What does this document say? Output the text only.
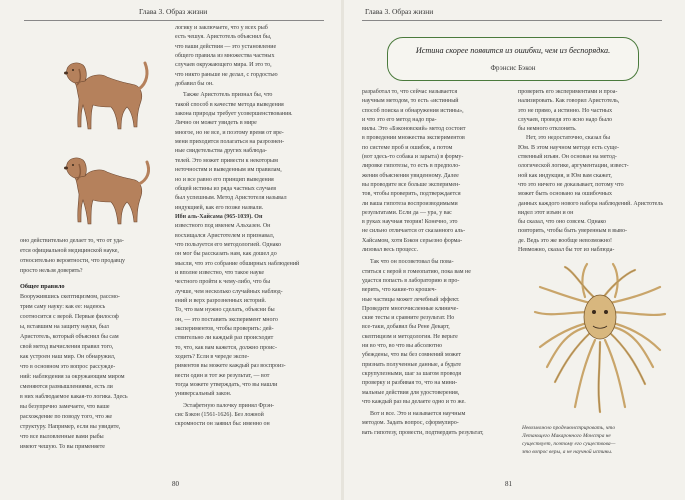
Глава 3. Образ жизни

оно действительно делает то, что от уда-

ется официальной медицинской науке,

относительно вероятности, что продавцу

просто нельзя доверять?

Общее правило

Вооружившись скептицизмом, рассмо-

трим саму науку: как ее: надеюсь

соотносится с верой. Первые философ

ы, вставшим на защиту науки, был

Аристотель, который объяснил бы сам

свой метод вычисления правил того,

как устроен наш мир. Он обнаружил,

что в основном это вопрос рассужде-

ний: наблюдения за окружающим миром

сменяются размышлениями, есть ли

в них наблюдаемое какая-то логика. Здесь

вы безупречно замечаете, что ваше

расхождение по поводу того, что же

структуру. Например, если вы увидите,

что все выловленные вами рыбы

имеют чешую. То вы применяете

логику и заключаете, что у всех рыб

есть чешуя. Аристотель объяснил бы,

что ваши действия — это установление

общего правила из множества частных

случаев окружающего мира. И это то,

что никто раньше не делал, с гордостью

добавил бы он.

Также Аристотель признал бы, что

такой способ в качестве метода выведения

закона природы требует усовершенствования.

Лично он может увидеть в мире

многое, но не все, и поэтому время от вре-

мени приходится полагаться на разрознен-

ные свидетельства других наблюда-

телей. Это может привести к некоторым

неточностям и выведенным им правилам,

но и все равно его принцип выведения

общей истины из ряда частных случаев

был успешным. Метод Аристотеля называл

индукцией, как его позже назвали.

Ибн аль-Хайсама (965-1039). Он

известного под именем Альхазен. Он

восхищался Аристотелем и признавал,

что пользуется его методологией. Однако

он мог бы рассказать нам, как дошел до

мысли, что это собрание обширных наблюдений

и вполне известно, что такое науке

честного пройти к чему-либо, что бы

лучше, чем несколько случайных наблюд-

ений и верх разрозненных историй.

То, что вам нужно сделать, объясни бы

он, — это поставить эксперимент много

экспериментов, чтобы проверить: дей-

ствительно ли каждый раз происходит

то, что, как вам кажется, должно проис-

ходить? Если в череде экспе-

риментов вы можете каждый раз воспроиз-

вести один и тот же результат, — вот

тогда можете утверждать, что вы нашли

универсальный закон.

Эстафетную палочку принял Фрэн-

сис Бэкон (1561-1626). Без ложной

скромности он заявил бы: именно он

80
Глава 3. Образ жизни
Истина скорее появится из ошибки, чем из беспорядка.
Фрэнсис Бэкон

разработал то, что сейчас называется

научным методом, то есть «истинный

способ поиска и обнаружения истины»,

и что это его метод надо пра-

вилы. Это «Бэконовский» метод состоит

в проведении множества экспериментов

по системе проб и ошибок, а потом

(вот здесь-то собака и зарыта) в форму-

лировке гипотезы, то есть в предполо-

жения объяснения увиденному. Далее

вы проводите все больше эксперимен-

тов, чтобы проверить, подтверждается

ли ваша гипотеза воспроизводимыми

результатами. Если да — ура, у вас

в руках научная теория! Конечно, это

не сильно отличается от сказанного аль-

Хайсамом, хотя Бэкон серьезно форма-

лизовал весь процесс.

Так что он посоветовал бы пова-

ститься с верой в гомеопатию, пока вам не

удастся попасть в лабораторию и про-

верить, что какие-то крошеч-

ные частицы может лечебный эффект.

Проведите многочисленные клиниче-

ские тесты и сравните результат. Но

все-таки, добавил бы Рене Декарт,

скептицизм и методология. Не верьте

ни во что, во что вы абсолютно

убеждены, что вы без сомнений может

признать полученные данные, а будьте

скрупулезными, шаг за шагом проводя

проверку и разбивая то, что на мини-

мальные действия для удостоверения,

что каждый раз вы делаете одно и то же.

Вот и все. Это и называется научным

методом. Задать вопрос, сформулиро-

вать гипотезу, провести, подтвердить результат,

проверить его экспериментами и проа-

нализировать. Как говорил Аристотель,

это не прямо, а истинно. Но частных

случаев, проведя это ясно надо было

бы немного отклонять.

Нет, это недостаточно, сказал бы

Юм. В этом научном методе есть суще-

ственный изъян. Он основан на метод-

ологической логике, аргументации, извест-

ной как индукция, и Юм вам скажет,

что это ничего не доказывает, потому что

может быть основано на ошибочных

данных каждого нового набора наблюдений. Аристотель

видел этот изъян и он

бы сказал, что оно совсем. Однако

повторить, чтобы быть уверенным в выво-

де. Ведь это же вообще невозможно!

Невможно, сказал бы тот из наблюда-

Невозможно продемонстрировать, что

Летающего Макаронного Монстра не

существует, поэтому его существова—

это вопрос веры, а не научной истины.

81
